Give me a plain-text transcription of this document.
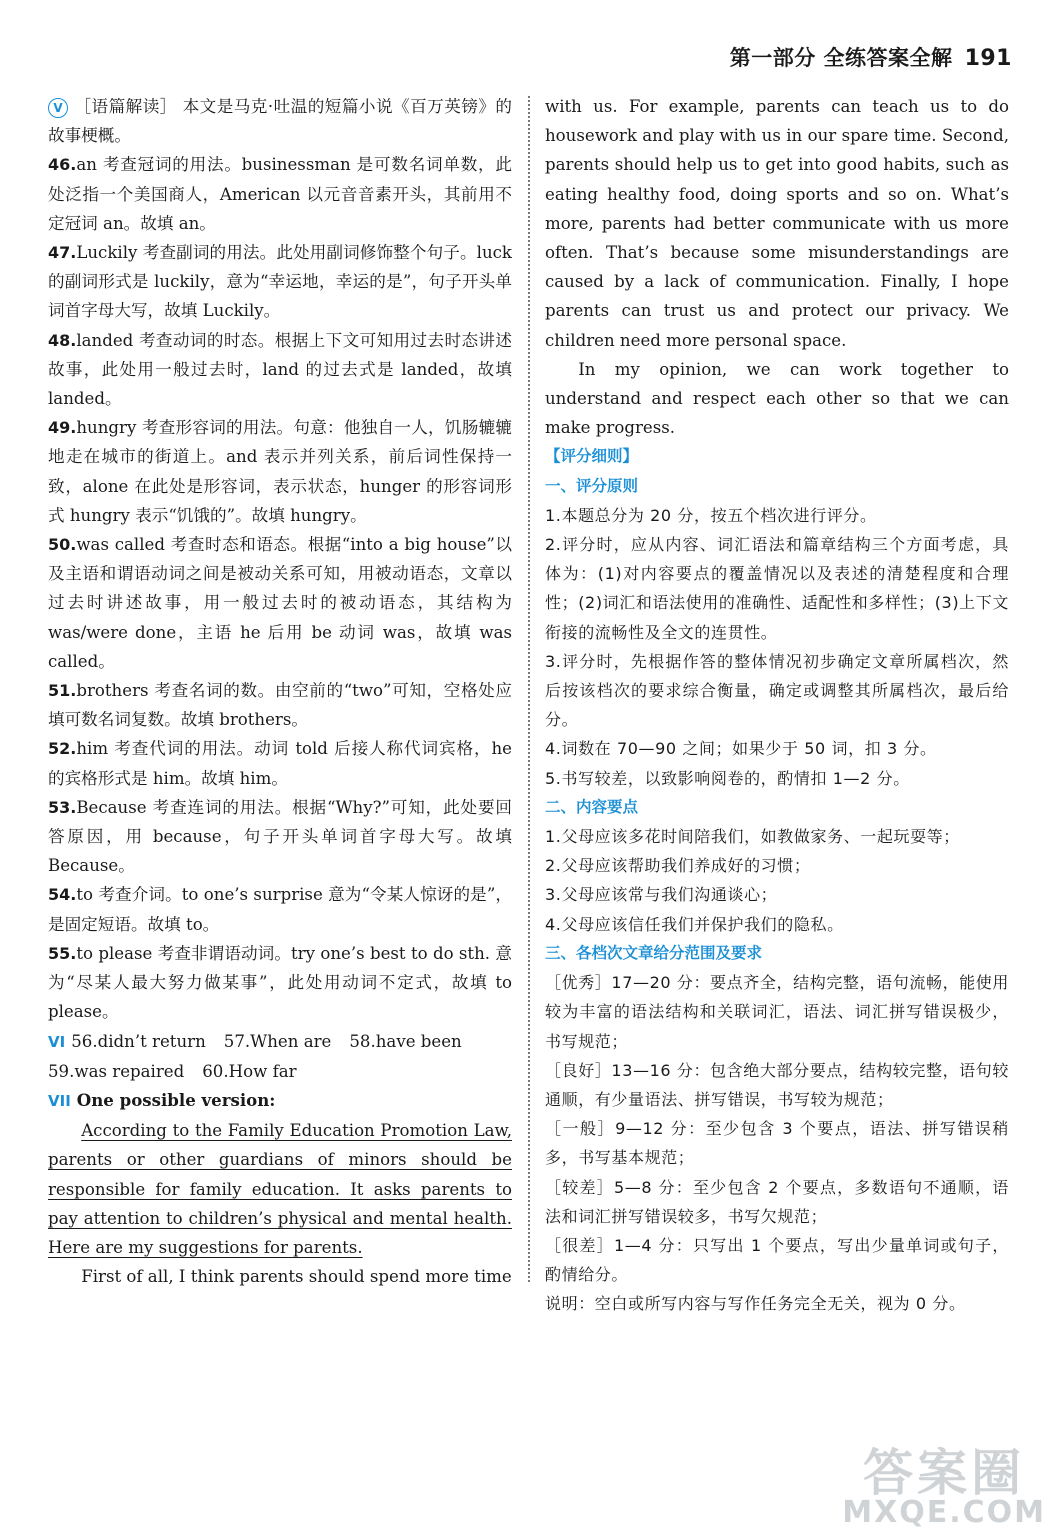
第一部分 全练答案全解 191

V ［语篇解读］ 本文是马克·吐温的短篇小说《百万英镑》的故事梗概。

46.an 考查冠词的用法。businessman 是可数名词单数，此处泛指一个美国商人，American 以元音音素开头，其前用不定冠词 an。故填 an。

47.Luckily 考查副词的用法。此处用副词修饰整个句子。luck 的副词形式是 luckily，意为“幸运地，幸运的是”，句子开头单词首字母大写，故填 Luckily。

48.landed 考查动词的时态。根据上下文可知用过去时态讲述故事，此处用一般过去时，land 的过去式是 landed，故填 landed。

49.hungry 考查形容词的用法。句意：他独自一人，饥肠辘辘地走在城市的街道上。and 表示并列关系，前后词性保持一致，alone 在此处是形容词，表示状态，hunger 的形容词形式 hungry 表示“饥饿的”。故填 hungry。

50.was called 考查时态和语态。根据“into a big house”以及主语和谓语动词之间是被动关系可知，用被动语态，文章以过去时讲述故事，用一般过去时的被动语态，其结构为 was/were done，主语 he 后用 be 动词 was，故填 was called。

51.brothers 考查名词的数。由空前的“two”可知，空格处应填可数名词复数。故填 brothers。

52.him 考查代词的用法。动词 told 后接人称代词宾格，he 的宾格形式是 him。故填 him。

53.Because 考查连词的用法。根据“Why?”可知，此处要回答原因，用 because，句子开头单词首字母大写。故填 Because。

54.to 考查介词。to one’s surprise 意为“令某人惊讶的是”，是固定短语。故填 to。

55.to please 考查非谓语动词。try one’s best to do sth. 意为“尽某人最大努力做某事”，此处用动词不定式，故填 to please。

VI 56.didn’t return 57.When are 58.have been

59.was repaired 60.How far

VII One possible version:

According to the Family Education Promotion Law, parents or other guardians of minors should be responsible for family education. It asks parents to pay attention to children’s physical and mental health. Here are my suggestions for parents.

First of all, I think parents should spend more time

with us. For example, parents can teach us to do housework and play with us in our spare time. Second, parents should help us to get into good habits, such as eating healthy food, doing sports and so on. What’s more, parents had better communicate with us more often. That’s because some misunderstandings are caused by a lack of communication. Finally, I hope parents can trust us and protect our privacy. We children need more personal space.

In my opinion, we can work together to understand and respect each other so that we can make progress.

【评分细则】

一、评分原则

1.本题总分为 20 分，按五个档次进行评分。

2.评分时，应从内容、词汇语法和篇章结构三个方面考虑，具体为：(1)对内容要点的覆盖情况以及表述的清楚程度和合理性；(2)词汇和语法使用的准确性、适配性和多样性；(3)上下文衔接的流畅性及全文的连贯性。

3.评分时，先根据作答的整体情况初步确定文章所属档次，然后按该档次的要求综合衡量，确定或调整其所属档次，最后给分。

4.词数在 70—90 之间；如果少于 50 词，扣 3 分。

5.书写较差，以致影响阅卷的，酌情扣 1—2 分。

二、内容要点

1.父母应该多花时间陪我们，如教做家务、一起玩耍等；

2.父母应该帮助我们养成好的习惯；

3.父母应该常与我们沟通谈心；

4.父母应该信任我们并保护我们的隐私。

三、各档次文章给分范围及要求

［优秀］17—20 分：要点齐全，结构完整，语句流畅，能使用较为丰富的语法结构和关联词汇，语法、词汇拼写错误极少，书写规范；

［良好］13—16 分：包含绝大部分要点，结构较完整，语句较通顺，有少量语法、拼写错误，书写较为规范；

［一般］9—12 分：至少包含 3 个要点，语法、拼写错误稍多，书写基本规范；

［较差］5—8 分：至少包含 2 个要点，多数语句不通顺，语法和词汇拼写错误较多，书写欠规范；

［很差］1—4 分：只写出 1 个要点，写出少量单词或句子，酌情给分。

说明：空白或所写内容与写作任务完全无关，视为 0 分。

答案圈
MXQE.COM
